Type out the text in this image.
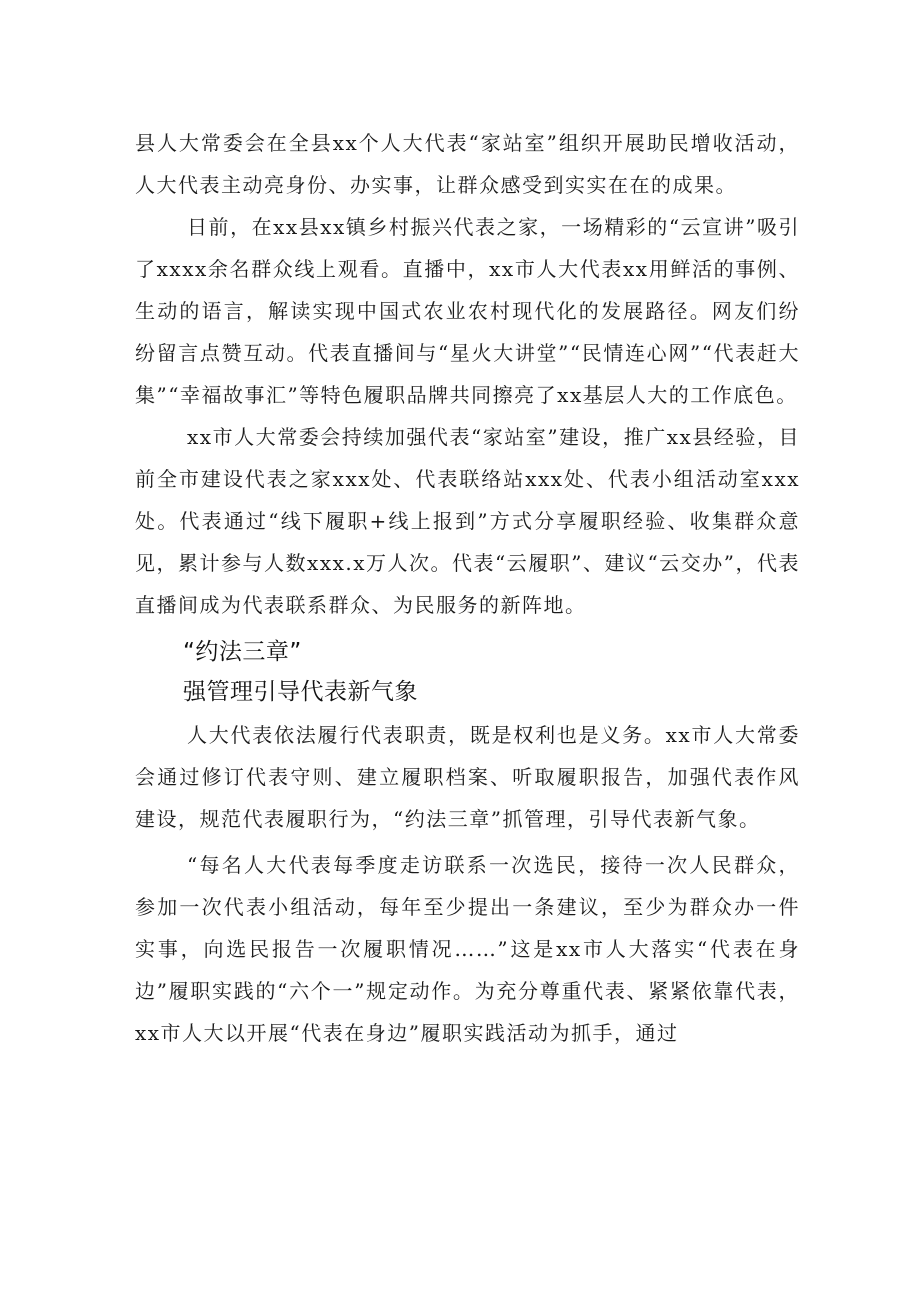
县人大常委会在全县xx个人大代表“家站室”组织开展助民增收活动，人大代表主动亮身份、办实事，让群众感受到实实在在的成果。

日前，在xx县xx镇乡村振兴代表之家，一场精彩的“云宣讲”吸引了xxxx余名群众线上观看。直播中，xx市人大代表xx用鲜活的事例、生动的语言，解读实现中国式农业农村现代化的发展路径。网友们纷纷留言点赞互动。代表直播间与“星火大讲堂”“民情连心网”“代表赶大集”“幸福故事汇”等特色履职品牌共同擦亮了xx基层人大的工作底色。

xx市人大常委会持续加强代表“家站室”建设，推广xx县经验，目前全市建设代表之家xxx处、代表联络站xxx处、代表小组活动室xxx处。代表通过“线下履职+线上报到”方式分享履职经验、收集群众意见，累计参与人数xxx.x万人次。代表“云履职”、建议“云交办”，代表直播间成为代表联系群众、为民服务的新阵地。

“约法三章”
强管理引导代表新气象

人大代表依法履行代表职责，既是权利也是义务。xx市人大常委会通过修订代表守则、建立履职档案、听取履职报告，加强代表作风建设，规范代表履职行为，“约法三章”抓管理，引导代表新气象。

“每名人大代表每季度走访联系一次选民，接待一次人民群众，参加一次代表小组活动，每年至少提出一条建议，至少为群众办一件实事，向选民报告一次履职情况……”这是xx市人大落实“代表在身边”履职实践的“六个一”规定动作。为充分尊重代表、紧紧依靠代表，xx市人大以开展“代表在身边”履职实践活动为抓手，通过
